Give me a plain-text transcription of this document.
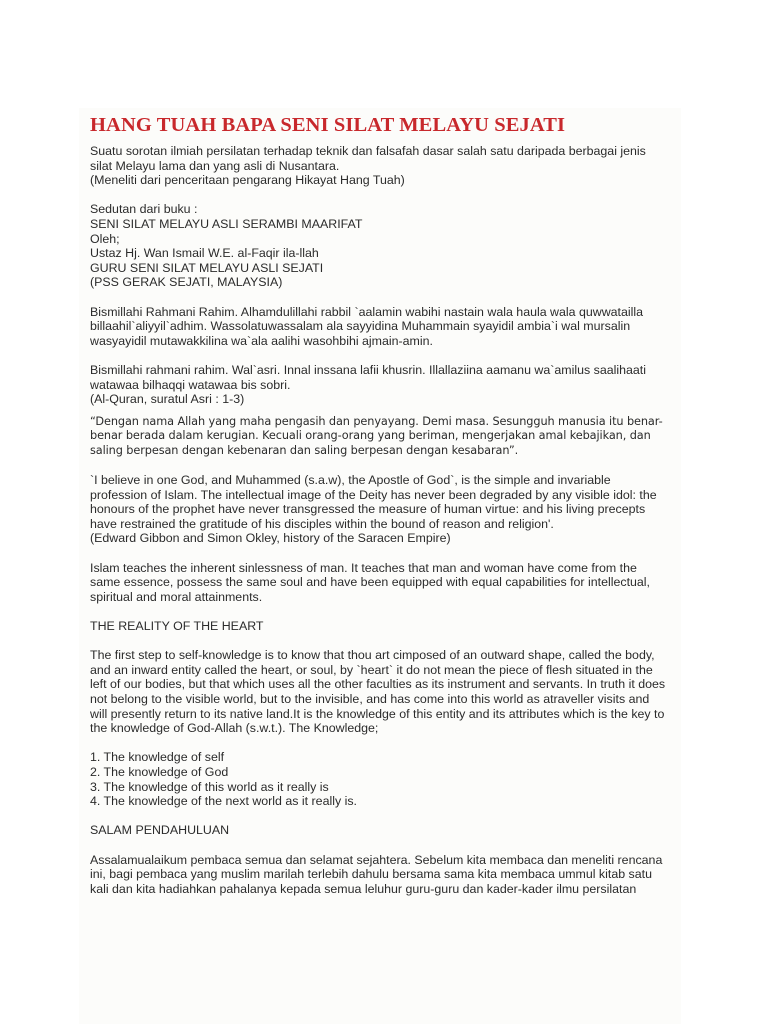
HANG TUAH BAPA SENI SILAT MELAYU SEJATI
Suatu sorotan ilmiah persilatan terhadap teknik dan falsafah dasar salah satu daripada berbagai jenis
silat Melayu lama dan yang asli di Nusantara.
(Meneliti dari penceritaan pengarang Hikayat Hang Tuah)
Sedutan dari buku :
SENI SILAT MELAYU ASLI SERAMBI MAARIFAT
Oleh;
Ustaz Hj. Wan Ismail W.E. al-Faqir ila-llah
GURU SENI SILAT MELAYU ASLI SEJATI
(PSS GERAK SEJATI, MALAYSIA)
Bismillahi Rahmani Rahim. Alhamdulillahi rabbil `aalamin wabihi nastain wala haula wala quwwatailla
billaahil`aliyyil`adhim. Wassolatuwassalam ala sayyidina Muhammain syayidil ambia`i wal mursalin
wasyayidil mutawakkilina wa`ala aalihi wasohbihi ajmain-amin.
Bismillahi rahmani rahim. Wal`asri. Innal inssana lafii khusrin. Illallaziina aamanu wa`amilus saalihaati
watawaa bilhaqqi watawaa bis sobri.
(Al-Quran, suratul Asri : 1-3)
“Dengan nama Allah yang maha pengasih dan penyayang. Demi masa. Sesungguh manusia itu benar-
benar berada dalam kerugian. Kecuali orang-orang yang beriman, mengerjakan amal kebajikan, dan
saling berpesan dengan kebenaran dan saling berpesan dengan kesabaran”.
`I believe in one God, and Muhammed (s.a.w), the Apostle of God`, is the simple and invariable
profession of Islam. The intellectual image of the Deity has never been degraded by any visible idol: the
honours of the prophet have never transgressed the measure of human virtue: and his living precepts
have restrained the gratitude of his disciples within the bound of reason and religion'.
(Edward Gibbon and Simon Okley, history of the Saracen Empire)
Islam teaches the inherent sinlessness of man. It teaches that man and woman have come from the
same essence, possess the same soul and have been equipped with equal capabilities for intellectual,
spiritual and moral attainments.
THE REALITY OF THE HEART
The first step to self-knowledge is to know that thou art cimposed of an outward shape, called the body,
and an inward entity called the heart, or soul, by `heart` it do not mean the piece of flesh situated in the
left of our bodies, but that which uses all the other faculties as its instrument and servants. In truth it does
not belong to the visible world, but to the invisible, and has come into this world as atraveller visits and
will presently return to its native land.It is the knowledge of this entity and its attributes which is the key to
the knowledge of God-Allah (s.w.t.). The Knowledge;
1. The knowledge of self
2. The knowledge of God
3. The knowledge of this world as it really is
4. The knowledge of the next world as it really is.
SALAM PENDAHULUAN
Assalamualaikum pembaca semua dan selamat sejahtera. Sebelum kita membaca dan meneliti rencana
ini, bagi pembaca yang muslim marilah terlebih dahulu bersama sama kita membaca ummul kitab satu
kali dan kita hadiahkan pahalanya kepada semua leluhur guru-guru dan kader-kader ilmu persilatan
